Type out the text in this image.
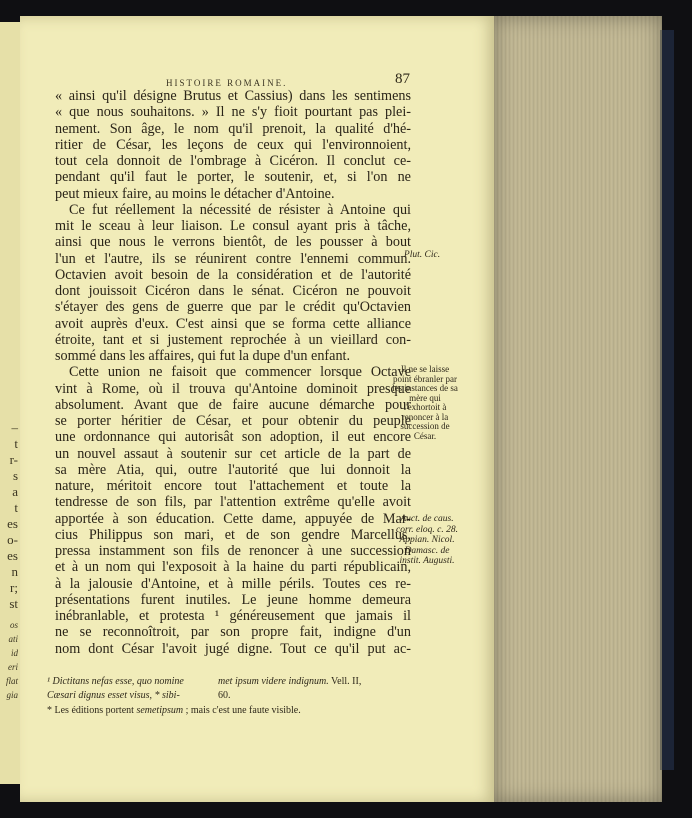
–
t
r-
s
a
t
es
o-
es
n
r;
st
os
ati
id
eri
flat
gia
HISTOIRE ROMAINE.	87
« ainsi qu'il désigne Brutus et Cassius) dans les sentimens
« que nous souhaitons. » Il ne s'y fioit pourtant pas plei-
nement. Son âge, le nom qu'il prenoit, la qualité d'hé-
ritier de César, les leçons de ceux qui l'environnoient,
tout cela donnoit de l'ombrage à Cicéron. Il conclut ce-
pendant qu'il faut le porter, le soutenir, et, si l'on ne
peut mieux faire, au moins le détacher d'Antoine.
Ce fut réellement la nécessité de résister à Antoine qui
mit le sceau à leur liaison. Le consul ayant pris à tâche,
ainsi que nous le verrons bientôt, de les pousser à bout
l'un et l'autre, ils se réunirent contre l'ennemi commun.
Octavien avoit besoin de la considération et de l'autorité
dont jouissoit Cicéron dans le sénat. Cicéron ne pouvoit
s'étayer des gens de guerre que par le crédit qu'Octavien
avoit auprès d'eux. C'est ainsi que se forma cette alliance
étroite, tant et si justement reprochée à un vieillard con-
sommé dans les affaires, qui fut la dupe d'un enfant.
Cette union ne faisoit que commencer lorsque Octave
vint à Rome, où il trouva qu'Antoine dominoit presque
absolument. Avant que de faire aucune démarche pour
se porter héritier de César, et pour obtenir du peuple
une ordonnance qui autorisât son adoption, il eut encore
un nouvel assaut à soutenir sur cet article de la part de
sa mère Atia, qui, outre l'autorité que lui donnoit la
nature, méritoit encore tout l'attachement et toute la
tendresse de son fils, par l'attention extrême qu'elle avoit
apportée à son éducation. Cette dame, appuyée de Mar-
cius Philippus son mari, et de son gendre Marcellus,
pressa instamment son fils de renoncer à une succession
et à un nom qui l'exposoit à la haine du parti républicain,
à la jalousie d'Antoine, et à mille périls. Toutes ces re-
présentations furent inutiles. Le jeune homme demeura
inébranlable, et protesta ¹ généreusement que jamais il
ne se reconnoîtroit, par son propre fait, indigne d'un
nom dont César l'avoit jugé digne. Tout ce qu'il put ac-
Plut. Cic.
Il ne se laisse point ébranler par les instances de sa mère qui l'exhortoit à renoncer à la succession de César.
Auct. de caus. corr. eloq. c. 28. Appian. Nicol. Damasc. de instit. Augusti.
¹ Dictitans nefas esse, quo nomine
Cæsari dignus esset visus, * sibi-
met ipsum videre indignum. Vell. II,
60.
* Les éditions portent semetipsum ; mais c'est une faute visible.
